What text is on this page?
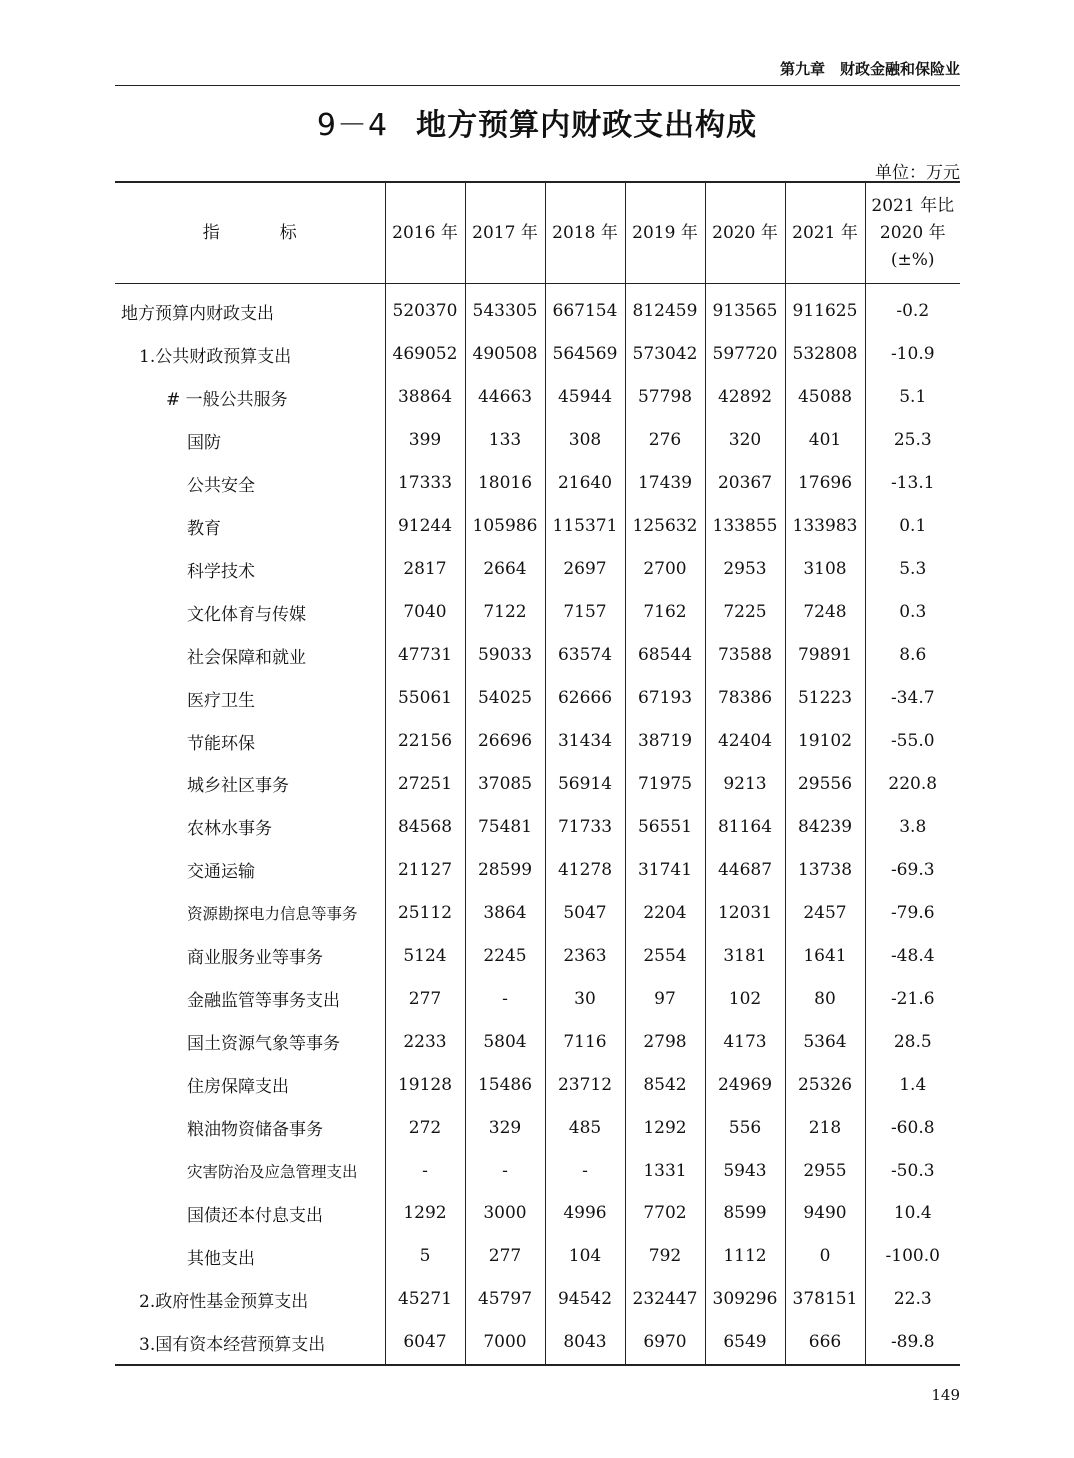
第九章　财政金融和保险业
9－4 地方预算内财政支出构成
单位：万元
指 标	2016 年	2017 年	2018 年	2019 年	2020 年	2021 年	2021 年比
2020 年
(±%)
地方预算内财政支出	520370	543305	667154	812459	913565	911625	-0.2
1.公共财政预算支出	469052	490508	564569	573042	597720	532808	-10.9
# 一般公共服务	38864	44663	45944	57798	42892	45088	5.1
国防	399	133	308	276	320	401	25.3
公共安全	17333	18016	21640	17439	20367	17696	-13.1
教育	91244	105986	115371	125632	133855	133983	0.1
科学技术	2817	2664	2697	2700	2953	3108	5.3
文化体育与传媒	7040	7122	7157	7162	7225	7248	0.3
社会保障和就业	47731	59033	63574	68544	73588	79891	8.6
医疗卫生	55061	54025	62666	67193	78386	51223	-34.7
节能环保	22156	26696	31434	38719	42404	19102	-55.0
城乡社区事务	27251	37085	56914	71975	9213	29556	220.8
农林水事务	84568	75481	71733	56551	81164	84239	3.8
交通运输	21127	28599	41278	31741	44687	13738	-69.3
资源勘探电力信息等事务	25112	3864	5047	2204	12031	2457	-79.6
商业服务业等事务	5124	2245	2363	2554	3181	1641	-48.4
金融监管等事务支出	277	-	30	97	102	80	-21.6
国土资源气象等事务	2233	5804	7116	2798	4173	5364	28.5
住房保障支出	19128	15486	23712	8542	24969	25326	1.4
粮油物资储备事务	272	329	485	1292	556	218	-60.8
灾害防治及应急管理支出	-	-	-	1331	5943	2955	-50.3
国债还本付息支出	1292	3000	4996	7702	8599	9490	10.4
其他支出	5	277	104	792	1112	0	-100.0
2.政府性基金预算支出	45271	45797	94542	232447	309296	378151	22.3
3.国有资本经营预算支出	6047	7000	8043	6970	6549	666	-89.8
149
